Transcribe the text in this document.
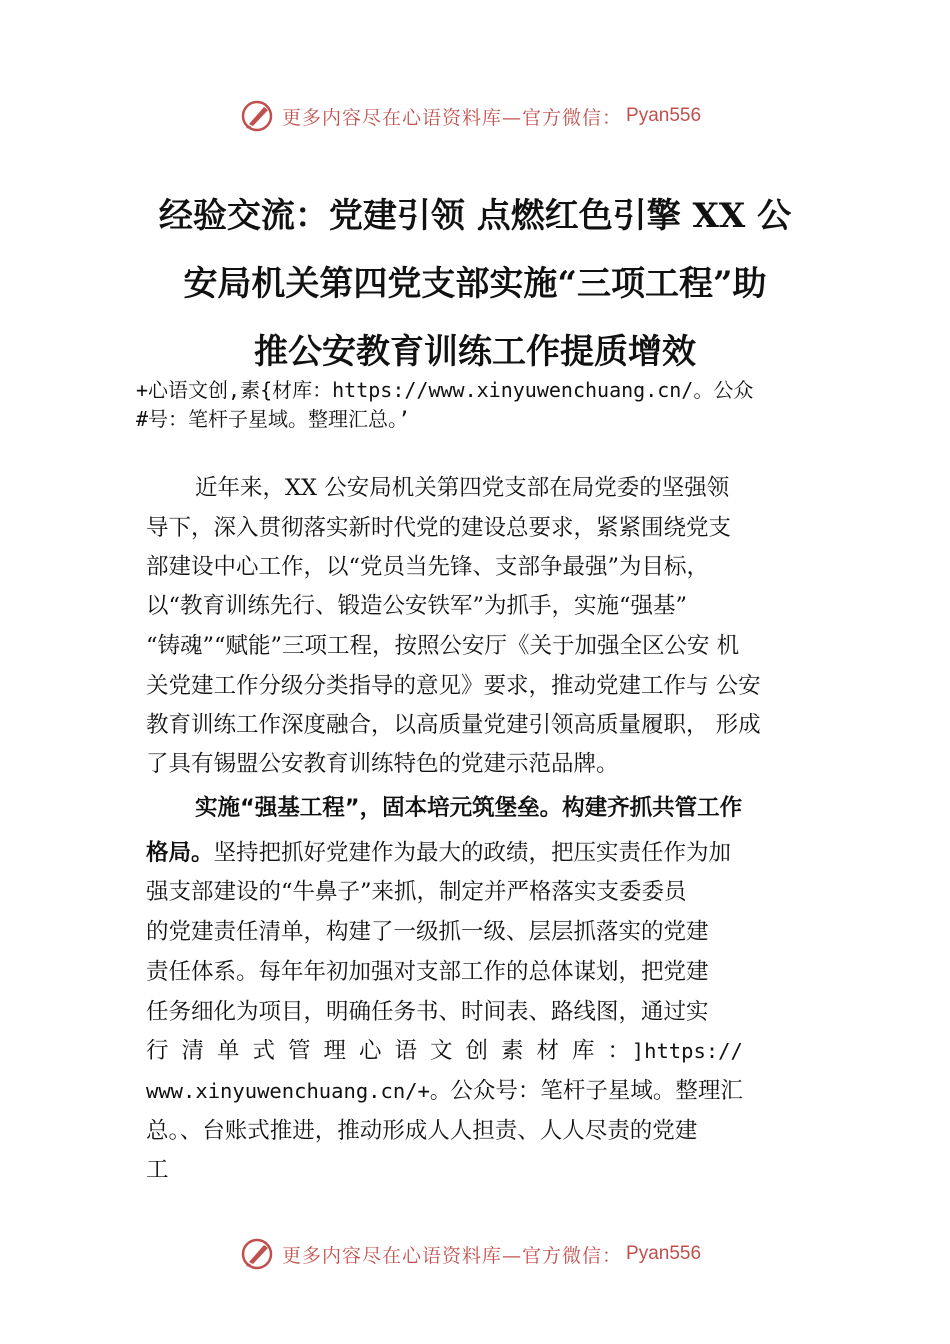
更多内容尽在心语资料库—官方微信： Pyan556
经验交流：党建引领 点燃红色引擎 XX 公
安局机关第四党支部实施“三项工程”助
推公安教育训练工作提质增效
+心语文创,素{材库：https://www.xinyuwenchuang.cn/。公众
#号：笔杆子星域。整理汇总。’
近年来，XX 公安局机关第四党支部在局党委的坚强领
导下，深入贯彻落实新时代党的建设总要求，紧紧围绕党支
部建设中心工作，以“党员当先锋、支部争最强”为目标，
以“教育训练先行、锻造公安铁军”为抓手，实施“强基”
“铸魂”“赋能”三项工程，按照公安厅《关于加强全区公安 机
关党建工作分级分类指导的意见》要求，推动党建工作与 公安
教育训练工作深度融合，以高质量党建引领高质量履职， 形成
了具有锡盟公安教育训练特色的党建示范品牌。
实施“强基工程”，固本培元筑堡垒。构建齐抓共管工作
格局。坚持把抓好党建作为最大的政绩，把压实责任作为加
强支部建设的“牛鼻子”来抓，制定并严格落实支委委员
的党建责任清单，构建了一级抓一级、层层抓落实的党建
责任体系。每年年初加强对支部工作的总体谋划，把党建
任务细化为项目，明确任务书、时间表、路线图，通过实
行清单式管理心语文创素材库：]https://
www.xinyuwenchuang.cn/+。公众号：笔杆子星域。整理汇
总。、台账式推进，推动形成人人担责、人人尽责的党建
工
更多内容尽在心语资料库—官方微信： Pyan556
